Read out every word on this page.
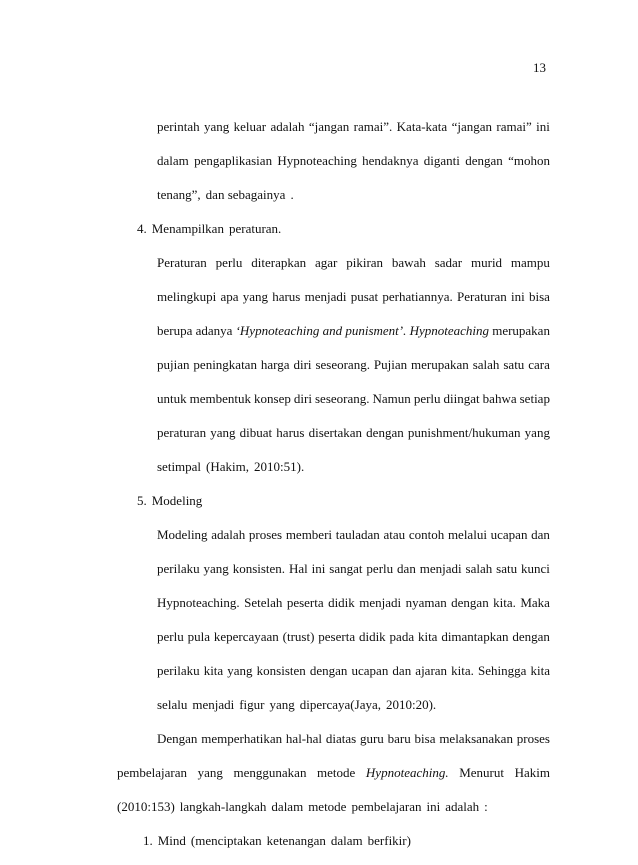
13
perintah yang keluar adalah “jangan ramai”. Kata-kata “jangan ramai” ini
dalam pengaplikasian Hypnoteaching hendaknya diganti dengan “mohon
tenang”, dan sebagainya .
4. Menampilkan peraturan.
Peraturan perlu diterapkan agar pikiran bawah sadar murid mampu
melingkupi apa yang harus menjadi pusat perhatiannya. Peraturan ini bisa
berupa adanya ‘Hypnoteaching and punisment’. Hypnoteaching merupakan
pujian peningkatan harga diri seseorang. Pujian merupakan salah satu cara
untuk membentuk konsep diri seseorang. Namun perlu diingat bahwa setiap
peraturan yang dibuat harus disertakan dengan punishment/hukuman yang
setimpal (Hakim, 2010:51).
5. Modeling
Modeling adalah proses memberi tauladan atau contoh melalui ucapan dan
perilaku yang konsisten. Hal ini sangat perlu dan menjadi salah satu kunci
Hypnoteaching. Setelah peserta didik menjadi nyaman dengan kita. Maka
perlu pula kepercayaan (trust) peserta didik pada kita dimantapkan dengan
perilaku kita yang konsisten dengan ucapan dan ajaran kita. Sehingga kita
selalu menjadi figur yang dipercaya(Jaya, 2010:20).
Dengan memperhatikan hal-hal diatas guru baru bisa melaksanakan proses
pembelajaran yang menggunakan metode Hypnoteaching. Menurut Hakim
(2010:153) langkah-langkah dalam metode pembelajaran ini adalah :
1. Mind (menciptakan ketenangan dalam berfikir)
